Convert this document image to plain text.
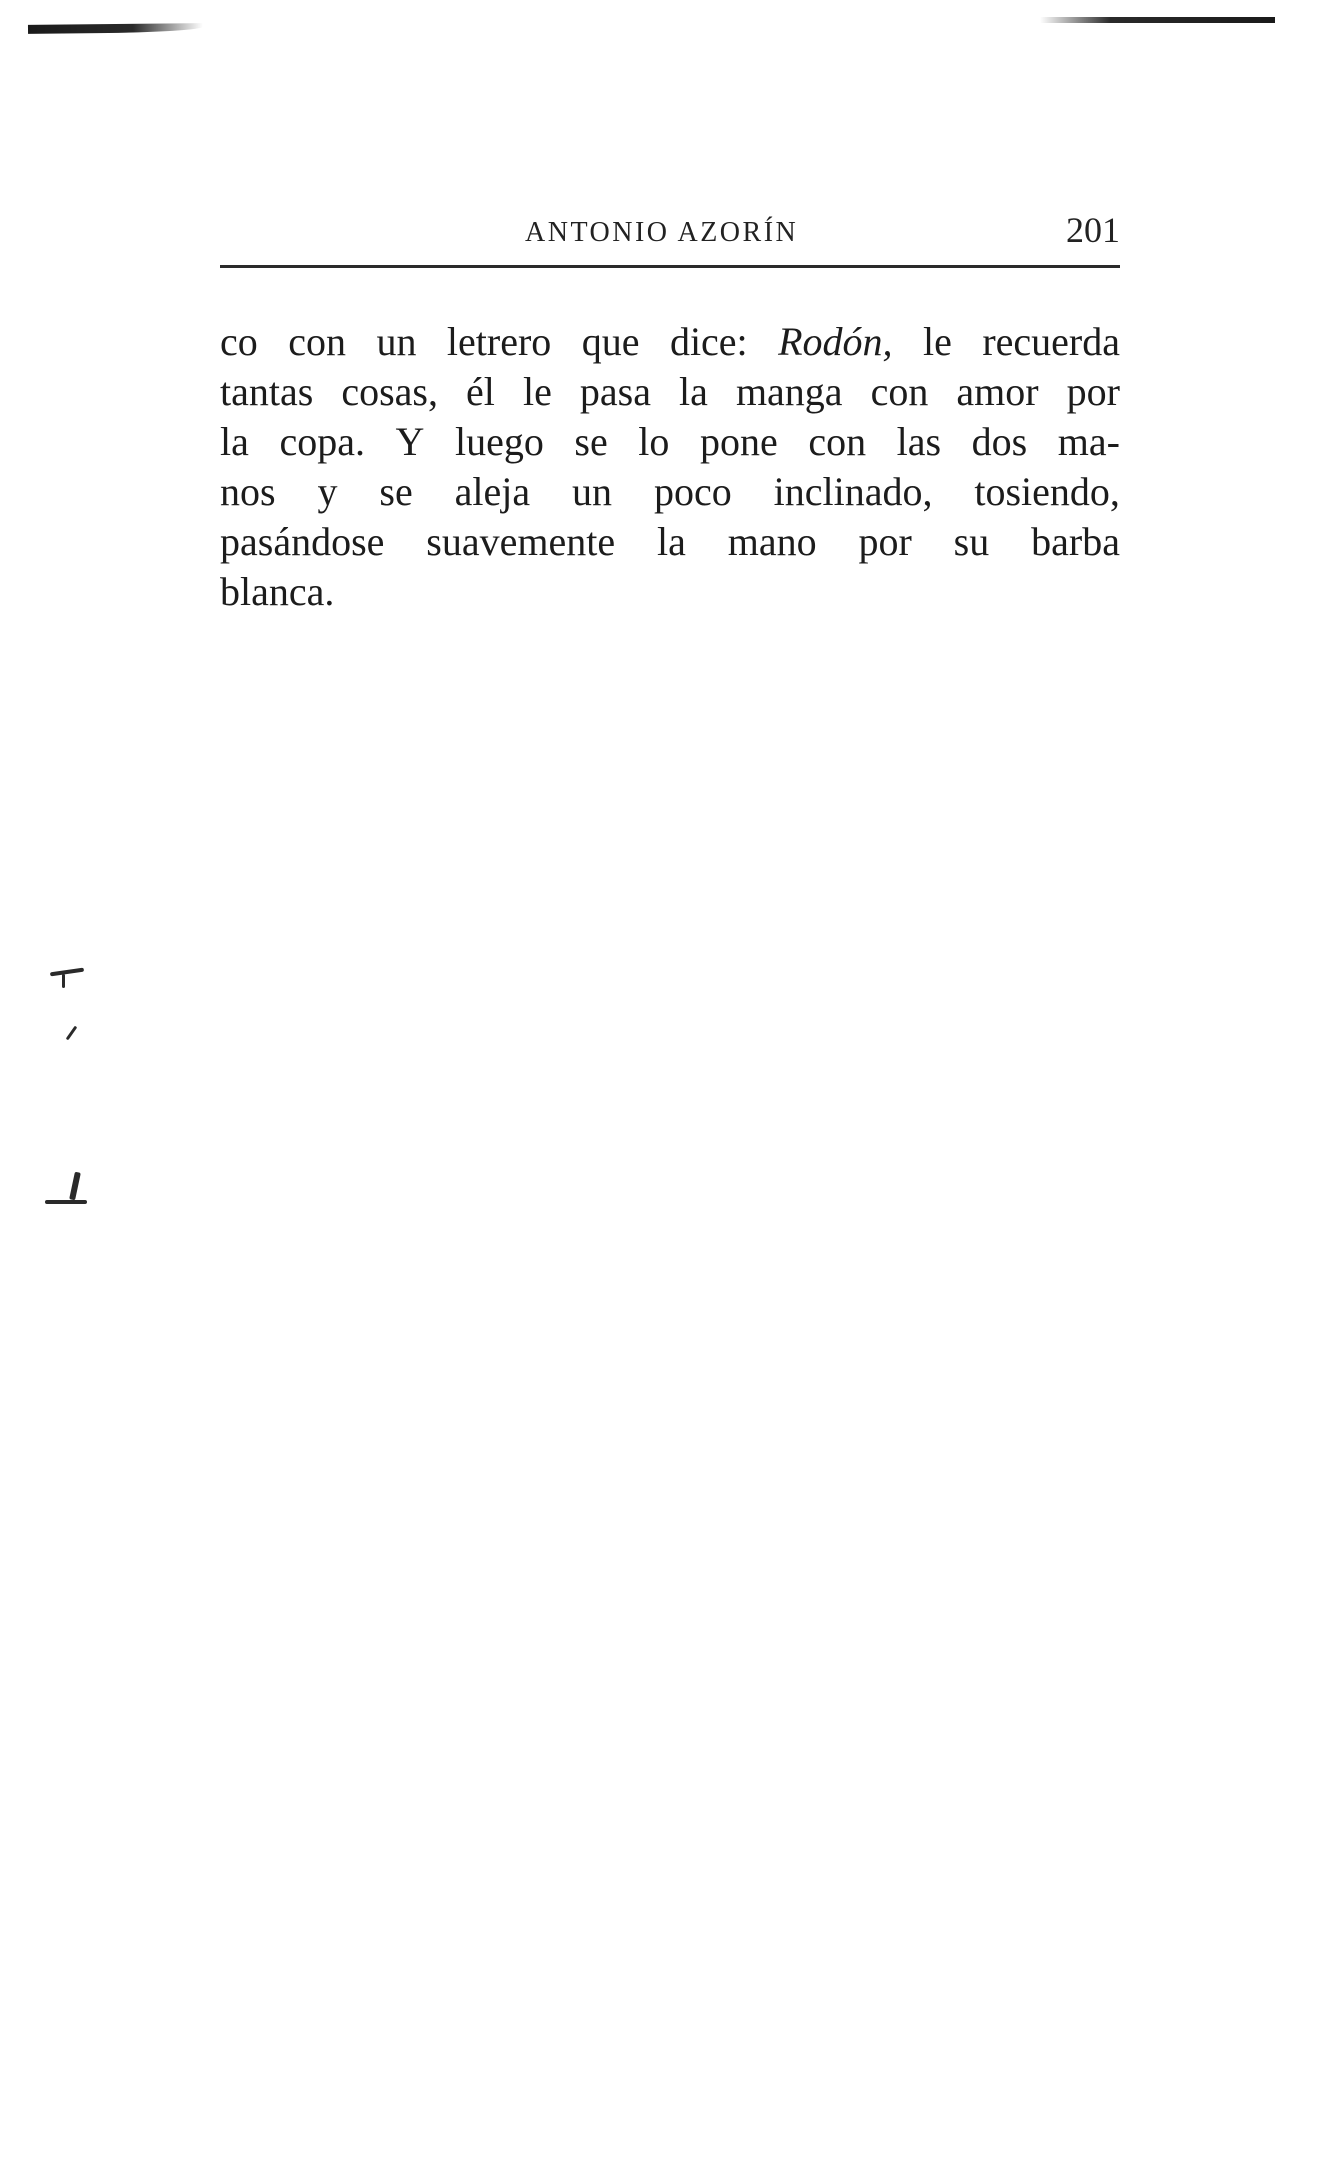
ANTONIO AZORÍN	201
co con un letrero que dice: Rodón, le recuerda
tantas cosas, él le pasa la manga con amor por
la copa. Y luego se lo pone con las dos ma-
nos y se aleja un poco inclinado, tosiendo,
pasándose suavemente la mano por su barba
blanca.
